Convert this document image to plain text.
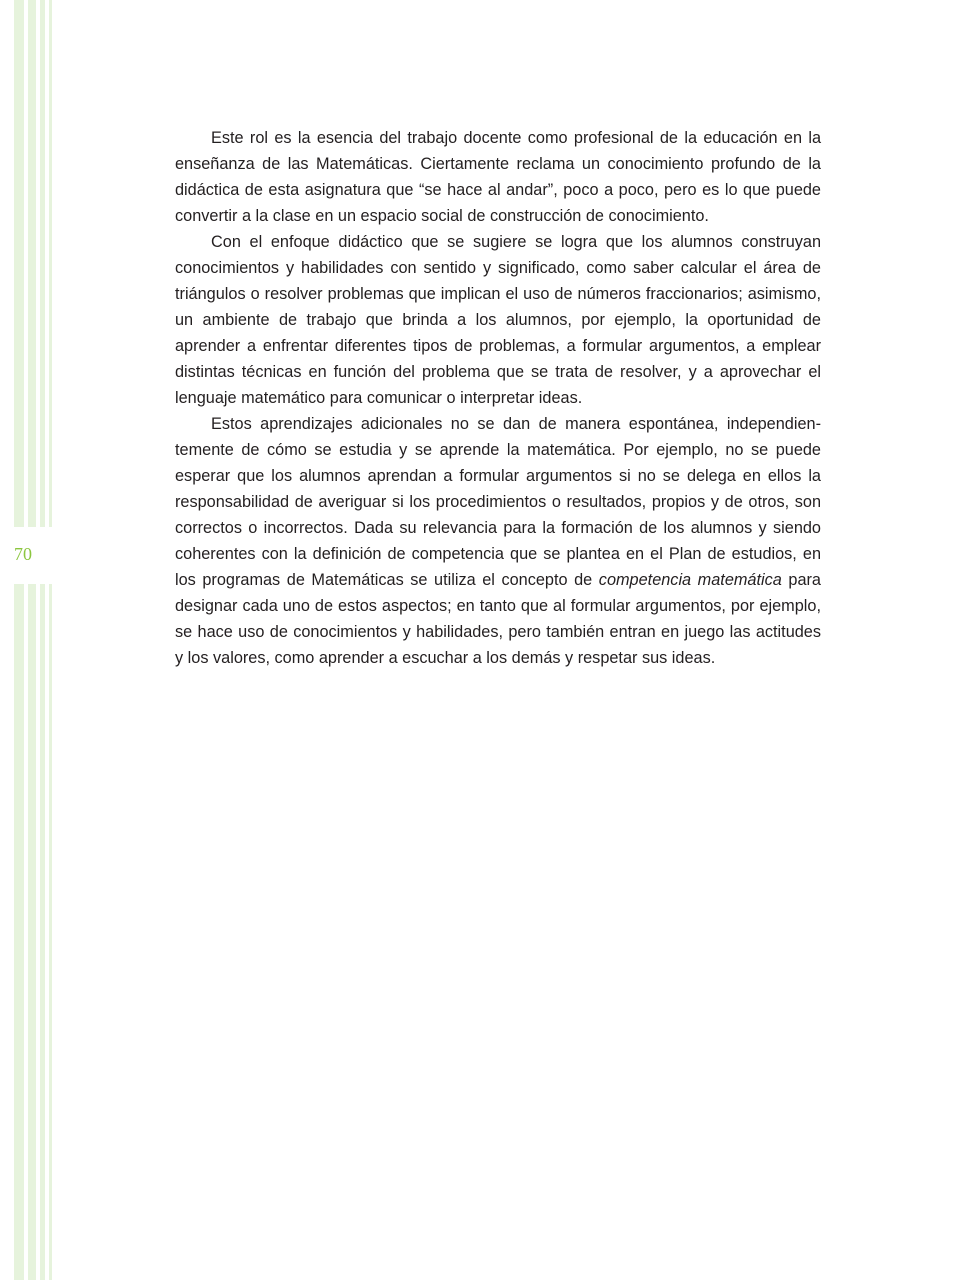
70

Este rol es la esencia del trabajo docente como profesional de la educación en la enseñanza de las Matemáticas. Ciertamente reclama un conocimiento profundo de la didáctica de esta asignatura que “se hace al andar”, poco a poco, pero es lo que puede convertir a la clase en un espacio social de construcción de conocimiento.

Con el enfoque didáctico que se sugiere se logra que los alumnos construyan conocimientos y habilidades con sentido y significado, como saber calcular el área de triángulos o resolver problemas que implican el uso de números fraccionarios; asimismo, un ambiente de trabajo que brinda a los alumnos, por ejemplo, la oportunidad de aprender a enfrentar diferentes tipos de problemas, a formular argumentos, a emplear distintas técnicas en función del problema que se trata de resolver, y a aprovechar el lenguaje matemático para comunicar o interpretar ideas.

Estos aprendizajes adicionales no se dan de manera espontánea, independientemente de cómo se estudia y se aprende la matemática. Por ejemplo, no se puede esperar que los alumnos aprendan a formular argumentos si no se delega en ellos la responsabilidad de averiguar si los procedimientos o resultados, propios y de otros, son correctos o incorrectos. Dada su relevancia para la formación de los alumnos y siendo coherentes con la definición de competencia que se plantea en el Plan de estudios, en los programas de Matemáticas se utiliza el concepto de competencia matemática para designar cada uno de estos aspectos; en tanto que al formular argumentos, por ejemplo, se hace uso de conocimientos y habilidades, pero también entran en juego las actitudes y los valores, como aprender a escuchar a los demás y respetar sus ideas.
